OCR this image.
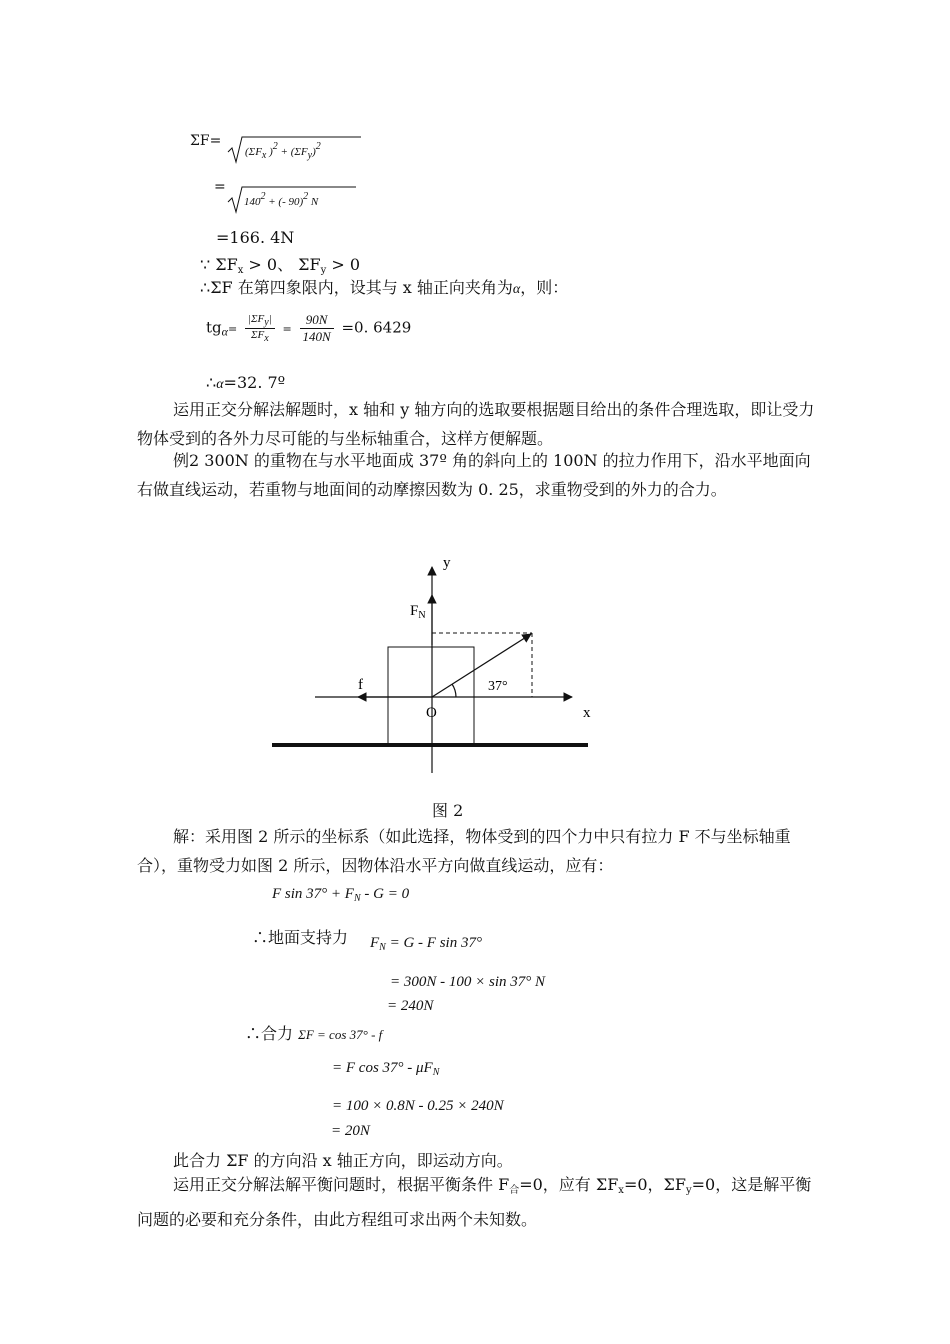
ΣF=
($\Sigma F_x$ )$^2 + (\Sigma F_y)^2$
=
$140^2$ + (- 90)$^2$ N
=166. 4N
∵ $\Sigma F_x > 0$、 $\Sigma F_y > 0$
∴ΣF 在第四象限内，设其与 x 轴正向夹角为α，则：
$tg_\alpha= \frac{|\Sigma F_y|}{\Sigma F_x} = \frac{90N}{140N} =0$. 6429
∴α=32. 7º
运用正交分解法解题时，x 轴和 y 轴方向的选取要根据题目给出的条件合理选取，即让受力物体受到的各外力尽可能的与坐标轴重合，这样方便解题。
例2 300N 的重物在与水平地面成 37º 角的斜向上的 100N 的拉力作用下，沿水平地面向右做直线运动，若重物与地面间的动摩擦因数为 0. 25，求重物受到的外力的合力。
y
x
O
$F_N$
f	37°
图 2
解：采用图 2 所示的坐标系（如此选择，物体受到的四个力中只有拉力 F 不与坐标轴重合），重物受力如图 2 所示，因物体沿水平方向做直线运动，应有：
F $\sin 37^\circ + F_N - G = 0$
∴地面支持力 $F_N = G - F$ sin 37°
= 300N - 100 × sin 37° N
= 240N
∴合力 ΣF = cos 37° - f
= F $\cos 37^\circ - \mu F_N$
= 100 × 0.8N - 0.25 × 240N
= 20N
此合力 ΣF 的方向沿 x 轴正方向，即运动方向。
运用正交分解法解平衡问题时，根据平衡条件 $F_合=0$，应有 $\Sigma F_x=0$，$\Sigma F_y=0$，这是解平衡问题的必要和充分条件，由此方程组可求出两个未知数。
